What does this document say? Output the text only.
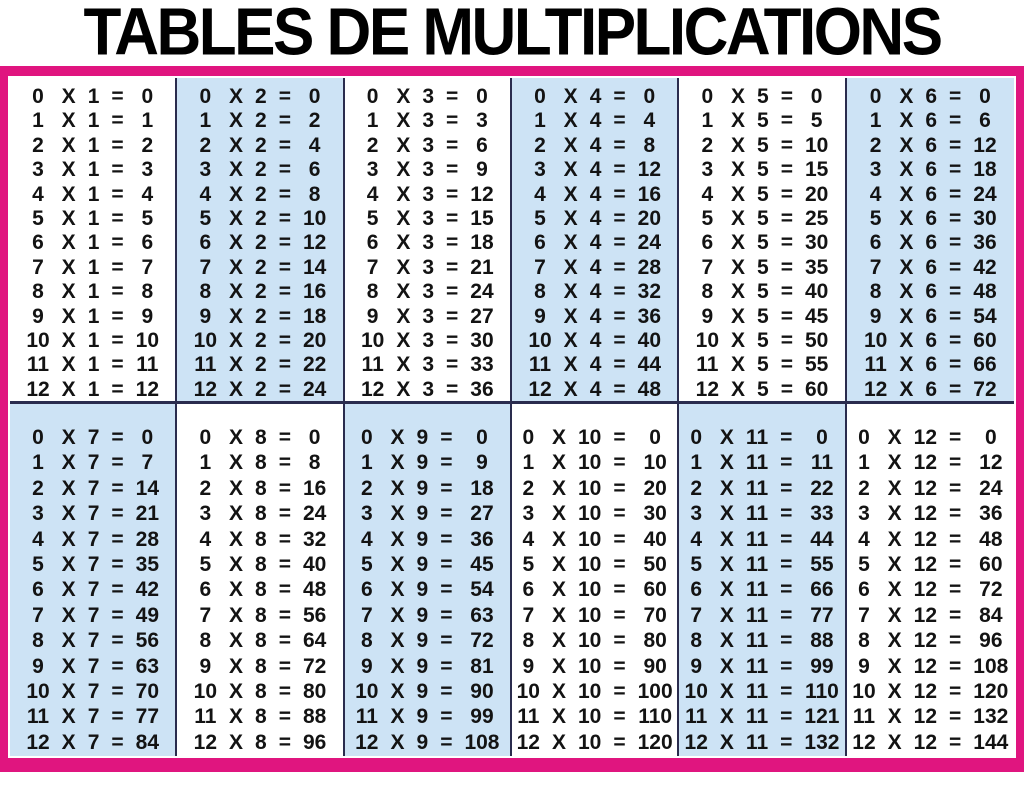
TABLES DE MULTIPLICATIONS
0 X 1 = 0
1 X 1 = 1
2 X 1 = 2
3 X 1 = 3
4 X 1 = 4
5 X 1 = 5
6 X 1 = 6
7 X 1 = 7
8 X 1 = 8
9 X 1 = 9
10 X 1 = 10
11 X 1 = 11
12 X 1 = 12
0 X 2 = 0
1 X 2 = 2
2 X 2 = 4
3 X 2 = 6
4 X 2 = 8
5 X 2 = 10
6 X 2 = 12
7 X 2 = 14
8 X 2 = 16
9 X 2 = 18
10 X 2 = 20
11 X 2 = 22
12 X 2 = 24
0 X 3 = 0
1 X 3 = 3
2 X 3 = 6
3 X 3 = 9
4 X 3 = 12
5 X 3 = 15
6 X 3 = 18
7 X 3 = 21
8 X 3 = 24
9 X 3 = 27
10 X 3 = 30
11 X 3 = 33
12 X 3 = 36
0 X 4 = 0
1 X 4 = 4
2 X 4 = 8
3 X 4 = 12
4 X 4 = 16
5 X 4 = 20
6 X 4 = 24
7 X 4 = 28
8 X 4 = 32
9 X 4 = 36
10 X 4 = 40
11 X 4 = 44
12 X 4 = 48
0 X 5 = 0
1 X 5 = 5
2 X 5 = 10
3 X 5 = 15
4 X 5 = 20
5 X 5 = 25
6 X 5 = 30
7 X 5 = 35
8 X 5 = 40
9 X 5 = 45
10 X 5 = 50
11 X 5 = 55
12 X 5 = 60
0 X 6 = 0
1 X 6 = 6
2 X 6 = 12
3 X 6 = 18
4 X 6 = 24
5 X 6 = 30
6 X 6 = 36
7 X 6 = 42
8 X 6 = 48
9 X 6 = 54
10 X 6 = 60
11 X 6 = 66
12 X 6 = 72
0 X 7 = 0
1 X 7 = 7
2 X 7 = 14
3 X 7 = 21
4 X 7 = 28
5 X 7 = 35
6 X 7 = 42
7 X 7 = 49
8 X 7 = 56
9 X 7 = 63
10 X 7 = 70
11 X 7 = 77
12 X 7 = 84
0 X 8 = 0
1 X 8 = 8
2 X 8 = 16
3 X 8 = 24
4 X 8 = 32
5 X 8 = 40
6 X 8 = 48
7 X 8 = 56
8 X 8 = 64
9 X 8 = 72
10 X 8 = 80
11 X 8 = 88
12 X 8 = 96
0 X 9 =	0
1 X 9 =	9
2 X 9 = 18
3 X 9 = 27
4 X 9 = 36
5 X 9 = 45
6 X 9 = 54
7 X 9 = 63
8 X 9 = 72
9 X 9 = 81
10 X 9 = 90
11 X 9 = 99
12 X 9 = 108
0 X 10 =	0
1 X 10 = 10
2 X 10 = 20
3 X 10 = 30
4 X 10 = 40
5 X 10 = 50
6 X 10 = 60
7 X 10 = 70
8 X 10 = 80
9 X 10 = 90
10 X 10 = 100
11 X 10 = 110
12 X 10 = 120
0 X 11 =	0
1 X 11 = 11
2 X 11 = 22
3 X 11 = 33
4 X 11 = 44
5 X 11 = 55
6 X 11 = 66
7 X 11 = 77
8 X 11 = 88
9 X 11 = 99
10 X 11 = 110
11 X 11 = 121
12 X 11 = 132
0 X 12 =	0
1 X 12 = 12
2 X 12 = 24
3 X 12 = 36
4 X 12 = 48
5 X 12 = 60
6 X 12 = 72
7 X 12 = 84
8 X 12 = 96
9 X 12 = 108
10 X 12 = 120
11 X 12 = 132
12 X 12 = 144
